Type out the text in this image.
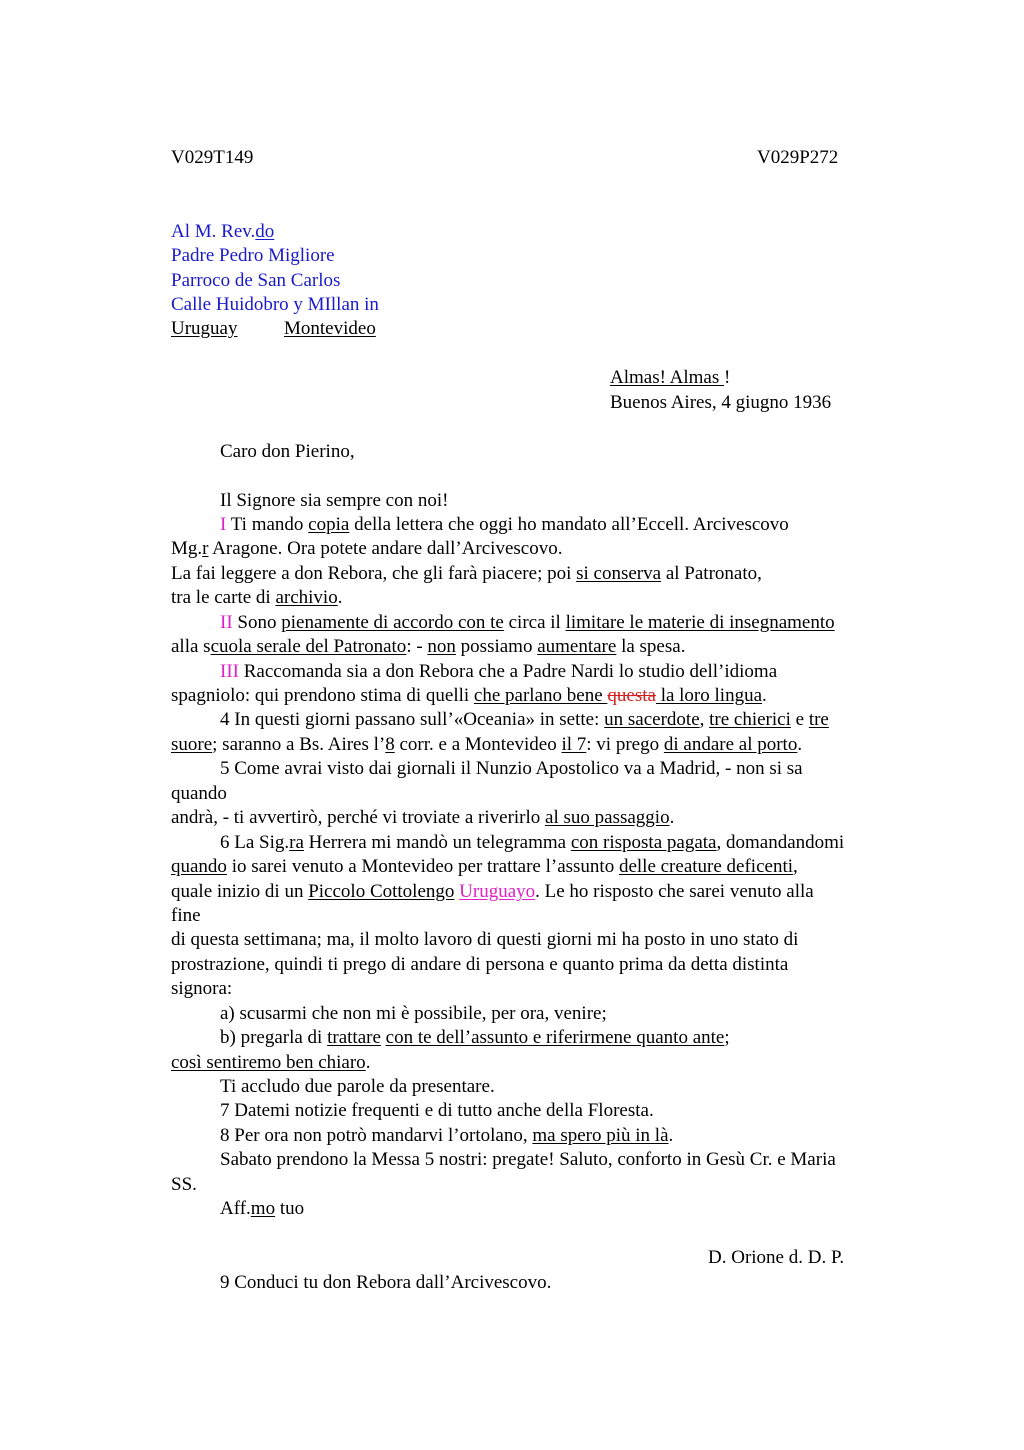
V029T149	V029P272
Al M. Rev.do
Padre Pedro Migliore
Parroco de San Carlos
Calle Huidobro y MIllan in
Uruguay Montevideo
Almas! Almas !
Buenos Aires, 4 giugno 1936
Caro don Pierino,
Il Signore sia sempre con noi!
I Ti mando copia della lettera che oggi ho mandato all’Eccell. Arcivescovo
Mg.r Aragone. Ora potete andare dall’Arcivescovo.
La fai leggere a don Rebora, che gli farà piacere; poi si conserva al Patronato,
tra le carte di archivio.
II Sono pienamente di accordo con te circa il limitare le materie di insegnamento
alla scuola serale del Patronato: - non possiamo aumentare la spesa.
III Raccomanda sia a don Rebora che a Padre Nardi lo studio dell’idioma
spagniolo: qui prendono stima di quelli che parlano bene questa la loro lingua.
4 In questi giorni passano sull’«Oceania» in sette: un sacerdote, tre chierici e tre
suore; saranno a Bs. Aires l’8 corr. e a Montevideo il 7: vi prego di andare al porto.
5 Come avrai visto dai giornali il Nunzio Apostolico va a Madrid, - non si sa
quando
andrà, - ti avvertirò, perché vi troviate a riverirlo al suo passaggio.
6 La Sig.ra Herrera mi mandò un telegramma con risposta pagata, domandandomi
quando io sarei venuto a Montevideo per trattare l’assunto delle creature deficenti,
quale inizio di un Piccolo Cottolengo Uruguayo. Le ho risposto che sarei venuto alla
fine
di questa settimana; ma, il molto lavoro di questi giorni mi ha posto in uno stato di
prostrazione, quindi ti prego di andare di persona e quanto prima da detta distinta
signora:
a) scusarmi che non mi è possibile, per ora, venire;
b) pregarla di trattare con te dell’assunto e riferirmene quanto ante;
così sentiremo ben chiaro.
Ti accludo due parole da presentare.
7 Datemi notizie frequenti e di tutto anche della Floresta.
8 Per ora non potrò mandarvi l’ortolano, ma spero più in là.
Sabato prendono la Messa 5 nostri: pregate! Saluto, conforto in Gesù Cr. e Maria
SS.
Aff.mo tuo
D. Orione d. D. P.
9 Conduci tu don Rebora dall’Arcivescovo.
